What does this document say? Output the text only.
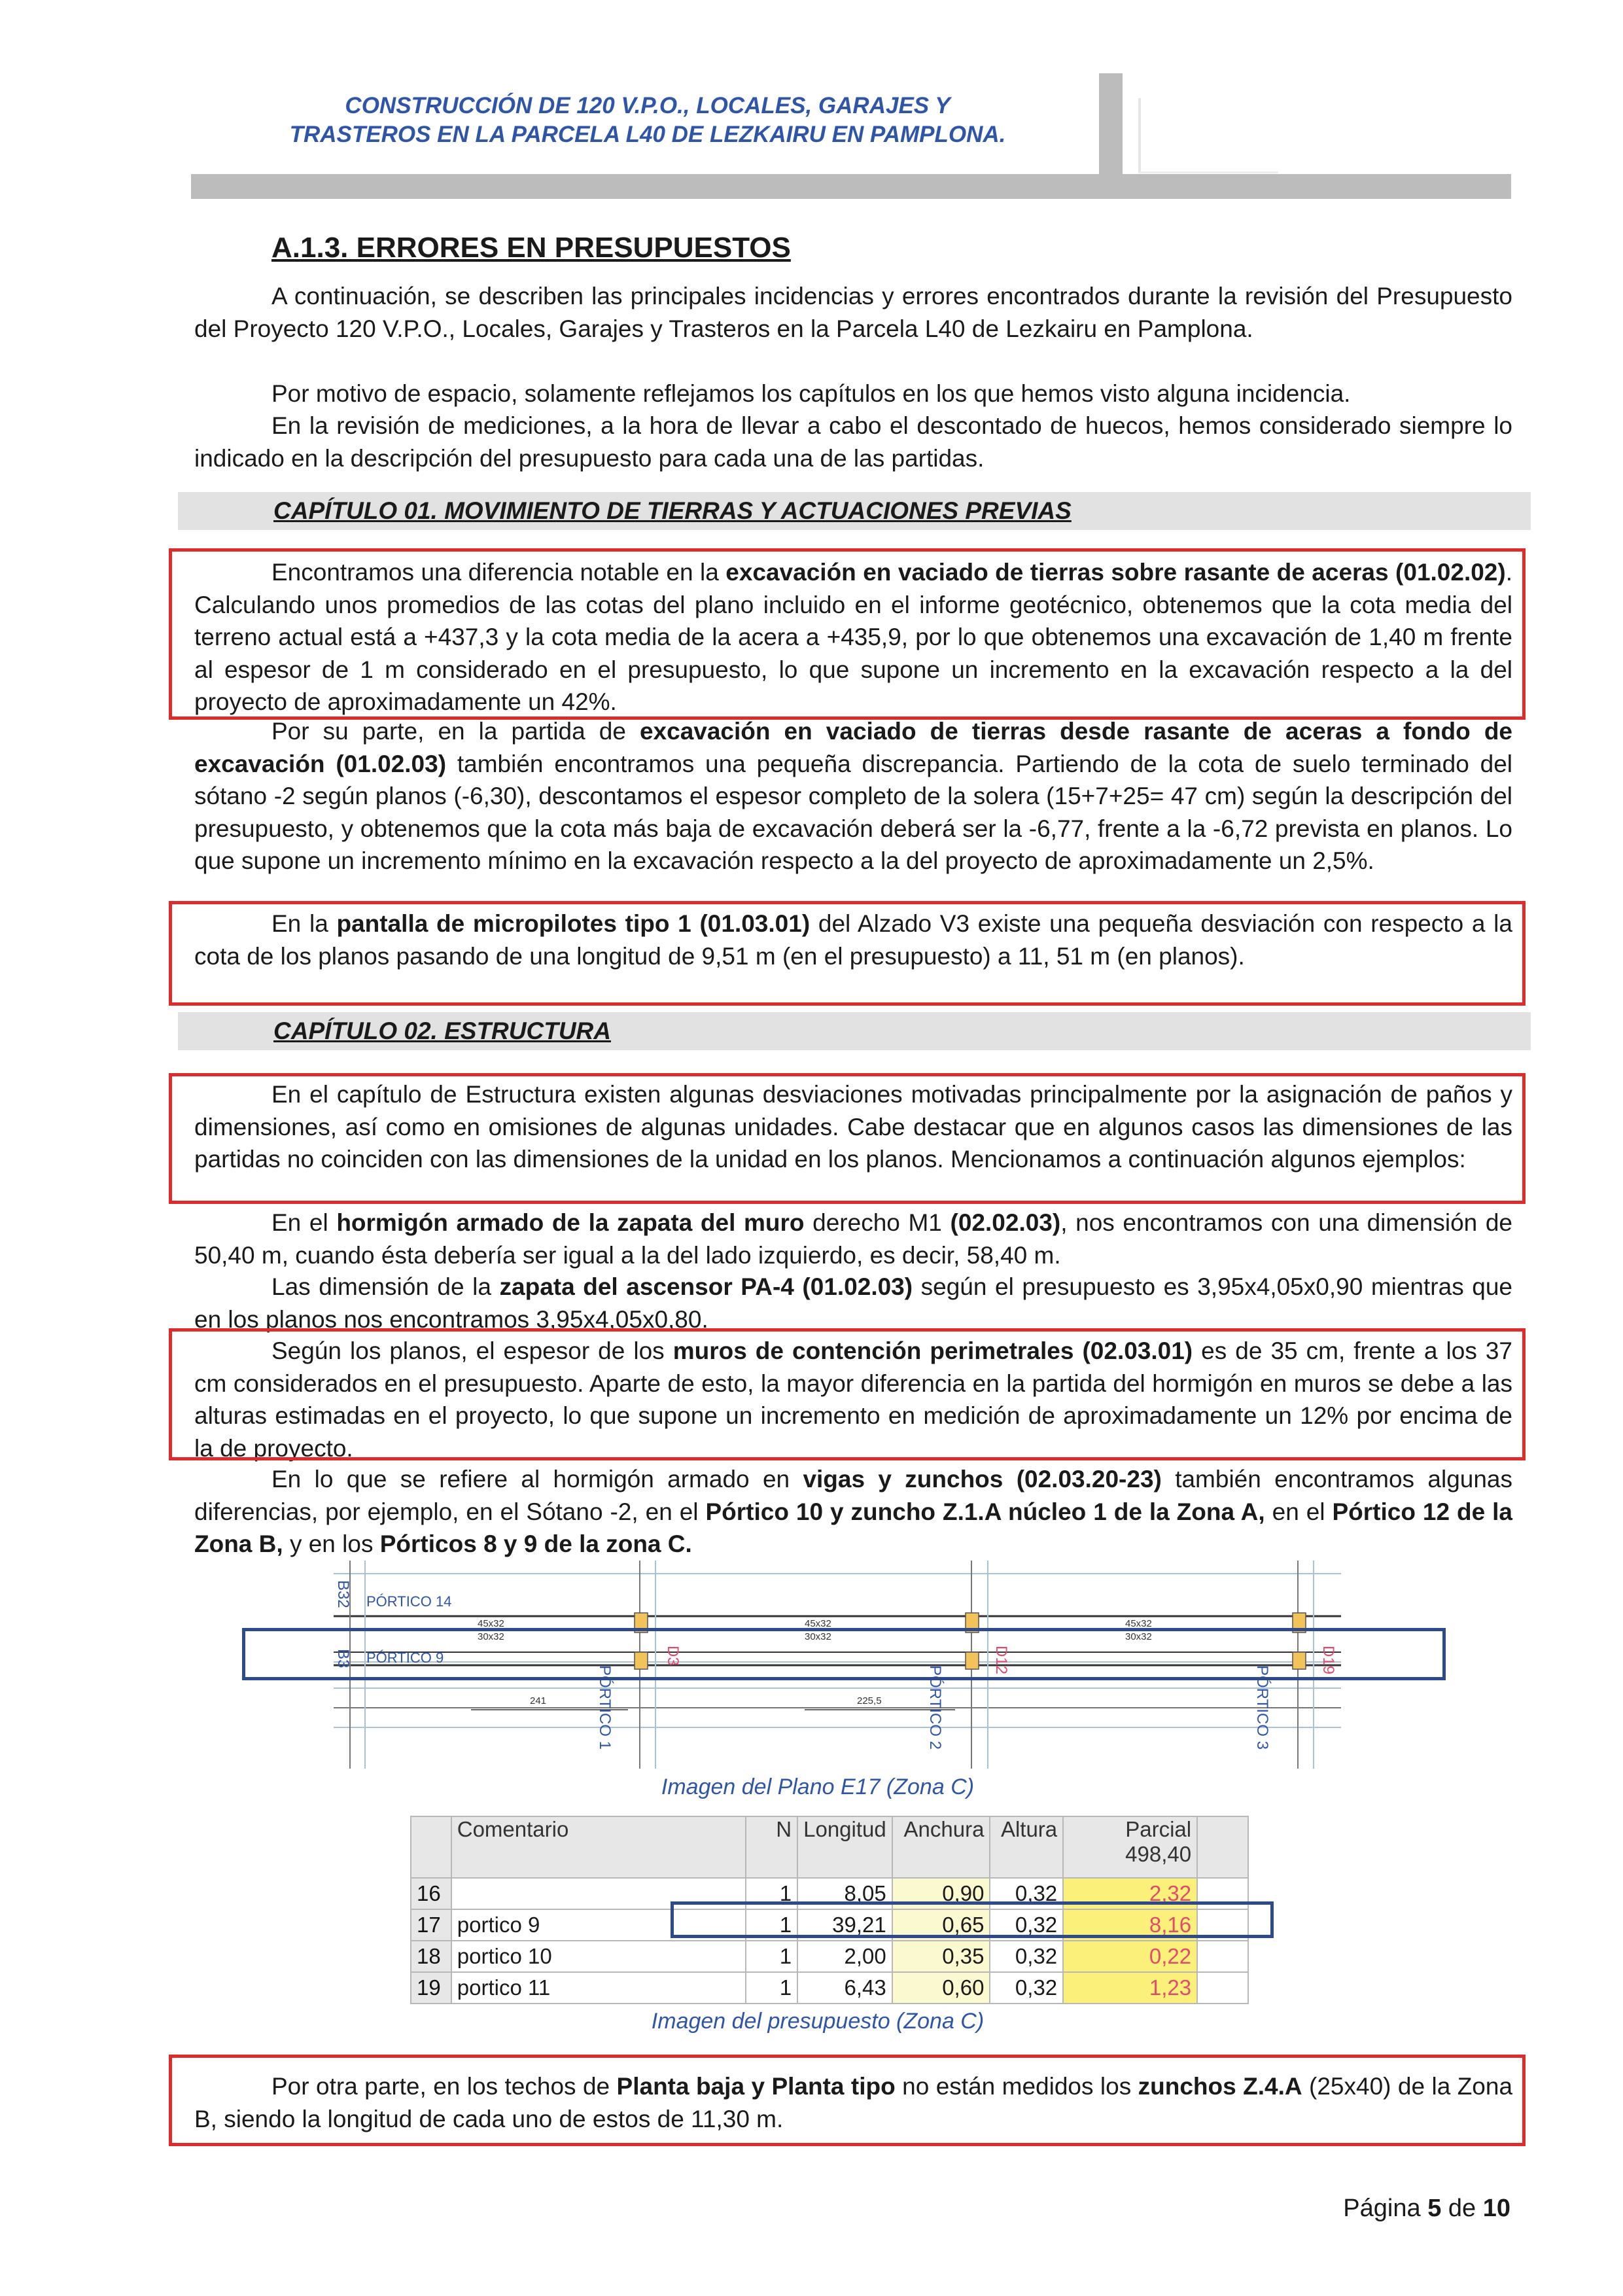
CONSTRUCCIÓN DE 120 V.P.O., LOCALES, GARAJES Y
TRASTEROS EN LA PARCELA L40 DE LEZKAIRU EN PAMPLONA.
A.1.3. ERRORES EN PRESUPUESTOS
A continuación, se describen las principales incidencias y errores encontrados durante la revisión del Presupuesto del Proyecto 120 V.P.O., Locales, Garajes y Trasteros en la Parcela L40 de Lezkairu en Pamplona.
Por motivo de espacio, solamente reflejamos los capítulos en los que hemos visto alguna incidencia.
En la revisión de mediciones, a la hora de llevar a cabo el descontado de huecos, hemos considerado siempre lo indicado en la descripción del presupuesto para cada una de las partidas.
CAPÍTULO 01. MOVIMIENTO DE TIERRAS Y ACTUACIONES PREVIAS
Encontramos una diferencia notable en la excavación en vaciado de tierras sobre rasante de aceras (01.02.02). Calculando unos promedios de las cotas del plano incluido en el informe geotécnico, obtenemos que la cota media del terreno actual está a +437,3 y la cota media de la acera a +435,9, por lo que obtenemos una excavación de 1,40 m frente al espesor de 1 m considerado en el presupuesto, lo que supone un incremento en la excavación respecto a la del proyecto de aproximadamente un 42%.
Por su parte, en la partida de excavación en vaciado de tierras desde rasante de aceras a fondo de excavación (01.02.03) también encontramos una pequeña discrepancia. Partiendo de la cota de suelo terminado del sótano -2 según planos (-6,30), descontamos el espesor completo de la solera (15+7+25= 47 cm) según la descripción del presupuesto, y obtenemos que la cota más baja de excavación deberá ser la -6,77, frente a la -6,72 prevista en planos. Lo que supone un incremento mínimo en la excavación respecto a la del proyecto de aproximadamente un 2,5%.
En la pantalla de micropilotes tipo 1 (01.03.01) del Alzado V3 existe una pequeña desviación con respecto a la cota de los planos pasando de una longitud de 9,51 m (en el presupuesto) a 11, 51 m (en planos).
CAPÍTULO 02. ESTRUCTURA
En el capítulo de Estructura existen algunas desviaciones motivadas principalmente por la asignación de paños y dimensiones, así como en omisiones de algunas unidades. Cabe destacar que en algunos casos las dimensiones de las partidas no coinciden con las dimensiones de la unidad en los planos. Mencionamos a continuación algunos ejemplos:
En el hormigón armado de la zapata del muro derecho M1 (02.02.03), nos encontramos con una dimensión de 50,40 m, cuando ésta debería ser igual a la del lado izquierdo, es decir, 58,40 m.
Las dimensión de la zapata del ascensor PA-4 (01.02.03) según el presupuesto es 3,95x4,05x0,90 mientras que en los planos nos encontramos 3,95x4,05x0,80.
Según los planos, el espesor de los muros de contención perimetrales (02.03.01) es de 35 cm, frente a los 37 cm considerados en el presupuesto. Aparte de esto, la mayor diferencia en la partida del hormigón en muros se debe a las alturas estimadas en el proyecto, lo que supone un incremento en medición de aproximadamente un 12% por encima de la de proyecto.
En lo que se refiere al hormigón armado en vigas y zunchos (02.03.20-23) también encontramos algunas diferencias, por ejemplo, en el Sótano -2, en el Pórtico 10 y zuncho Z.1.A núcleo 1 de la Zona A, en el Pórtico 12 de la Zona B, y en los Pórticos 8 y 9 de la zona C.
B32
B3
PÓRTICO 14
PÓRTICO 9
45x32
30x32
45x32
30x32
45x32
30x32
PÓRTICO 1	PÓRTICO 2	PÓRTICO 3
D3	D12	D19
241	225,5
Imagen del Plano E17 (Zona C)
	Comentario	N	Longitud	Anchura	Altura	Parcial
498,40	

16		1	8,05	0,90	0,32	2,32	
17	portico 9	1	39,21	0,65	0,32	8,16	
18	portico 10	1	2,00	0,35	0,32	0,22	
19	portico 11	1	6,43	0,60	0,32	1,23	
Imagen del presupuesto (Zona C)
Por otra parte, en los techos de Planta baja y Planta tipo no están medidos los zunchos Z.4.A (25x40) de la Zona B, siendo la longitud de cada uno de estos de 11,30 m.
Página 5 de 10
